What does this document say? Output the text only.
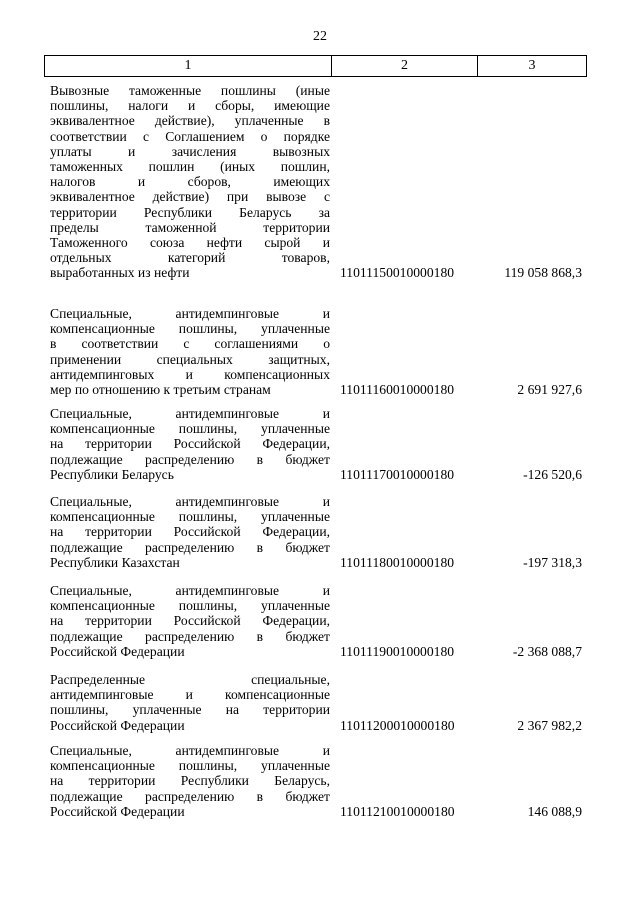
22
1	2	3
Вывозные таможенные пошлины (иные
пошлины, налоги и сборы, имеющие
эквивалентное действие), уплаченные в
соответствии с Соглашением о порядке
уплаты и зачисления вывозных
таможенных пошлин (иных пошлин,
налогов и сборов, имеющих
эквивалентное действие) при вывозе с
территории Республики Беларусь за
пределы таможенной территории
Таможенного союза нефти сырой и
отдельных категорий товаров,
выработанных из нефти	11011150010000180	119 058 868,3
Специальные, антидемпинговые и
компенсационные пошлины, уплаченные
в соответствии с соглашениями о
применении специальных защитных,
антидемпинговых и компенсационных
мер по отношению к третьим странам	11011160010000180	2 691 927,6
Специальные, антидемпинговые и
компенсационные пошлины, уплаченные
на территории Российской Федерации,
подлежащие распределению в бюджет
Республики Беларусь	11011170010000180	-126 520,6
Специальные, антидемпинговые и
компенсационные пошлины, уплаченные
на территории Российской Федерации,
подлежащие распределению в бюджет
Республики Казахстан	11011180010000180	-197 318,3
Специальные, антидемпинговые и
компенсационные пошлины, уплаченные
на территории Российской Федерации,
подлежащие распределению в бюджет
Российской Федерации	11011190010000180	-2 368 088,7
Распределенные специальные,
антидемпинговые и компенсационные
пошлины, уплаченные на территории
Российской Федерации	11011200010000180	2 367 982,2
Специальные, антидемпинговые и
компенсационные пошлины, уплаченные
на территории Республики Беларусь,
подлежащие распределению в бюджет
Российской Федерации	11011210010000180	146 088,9
